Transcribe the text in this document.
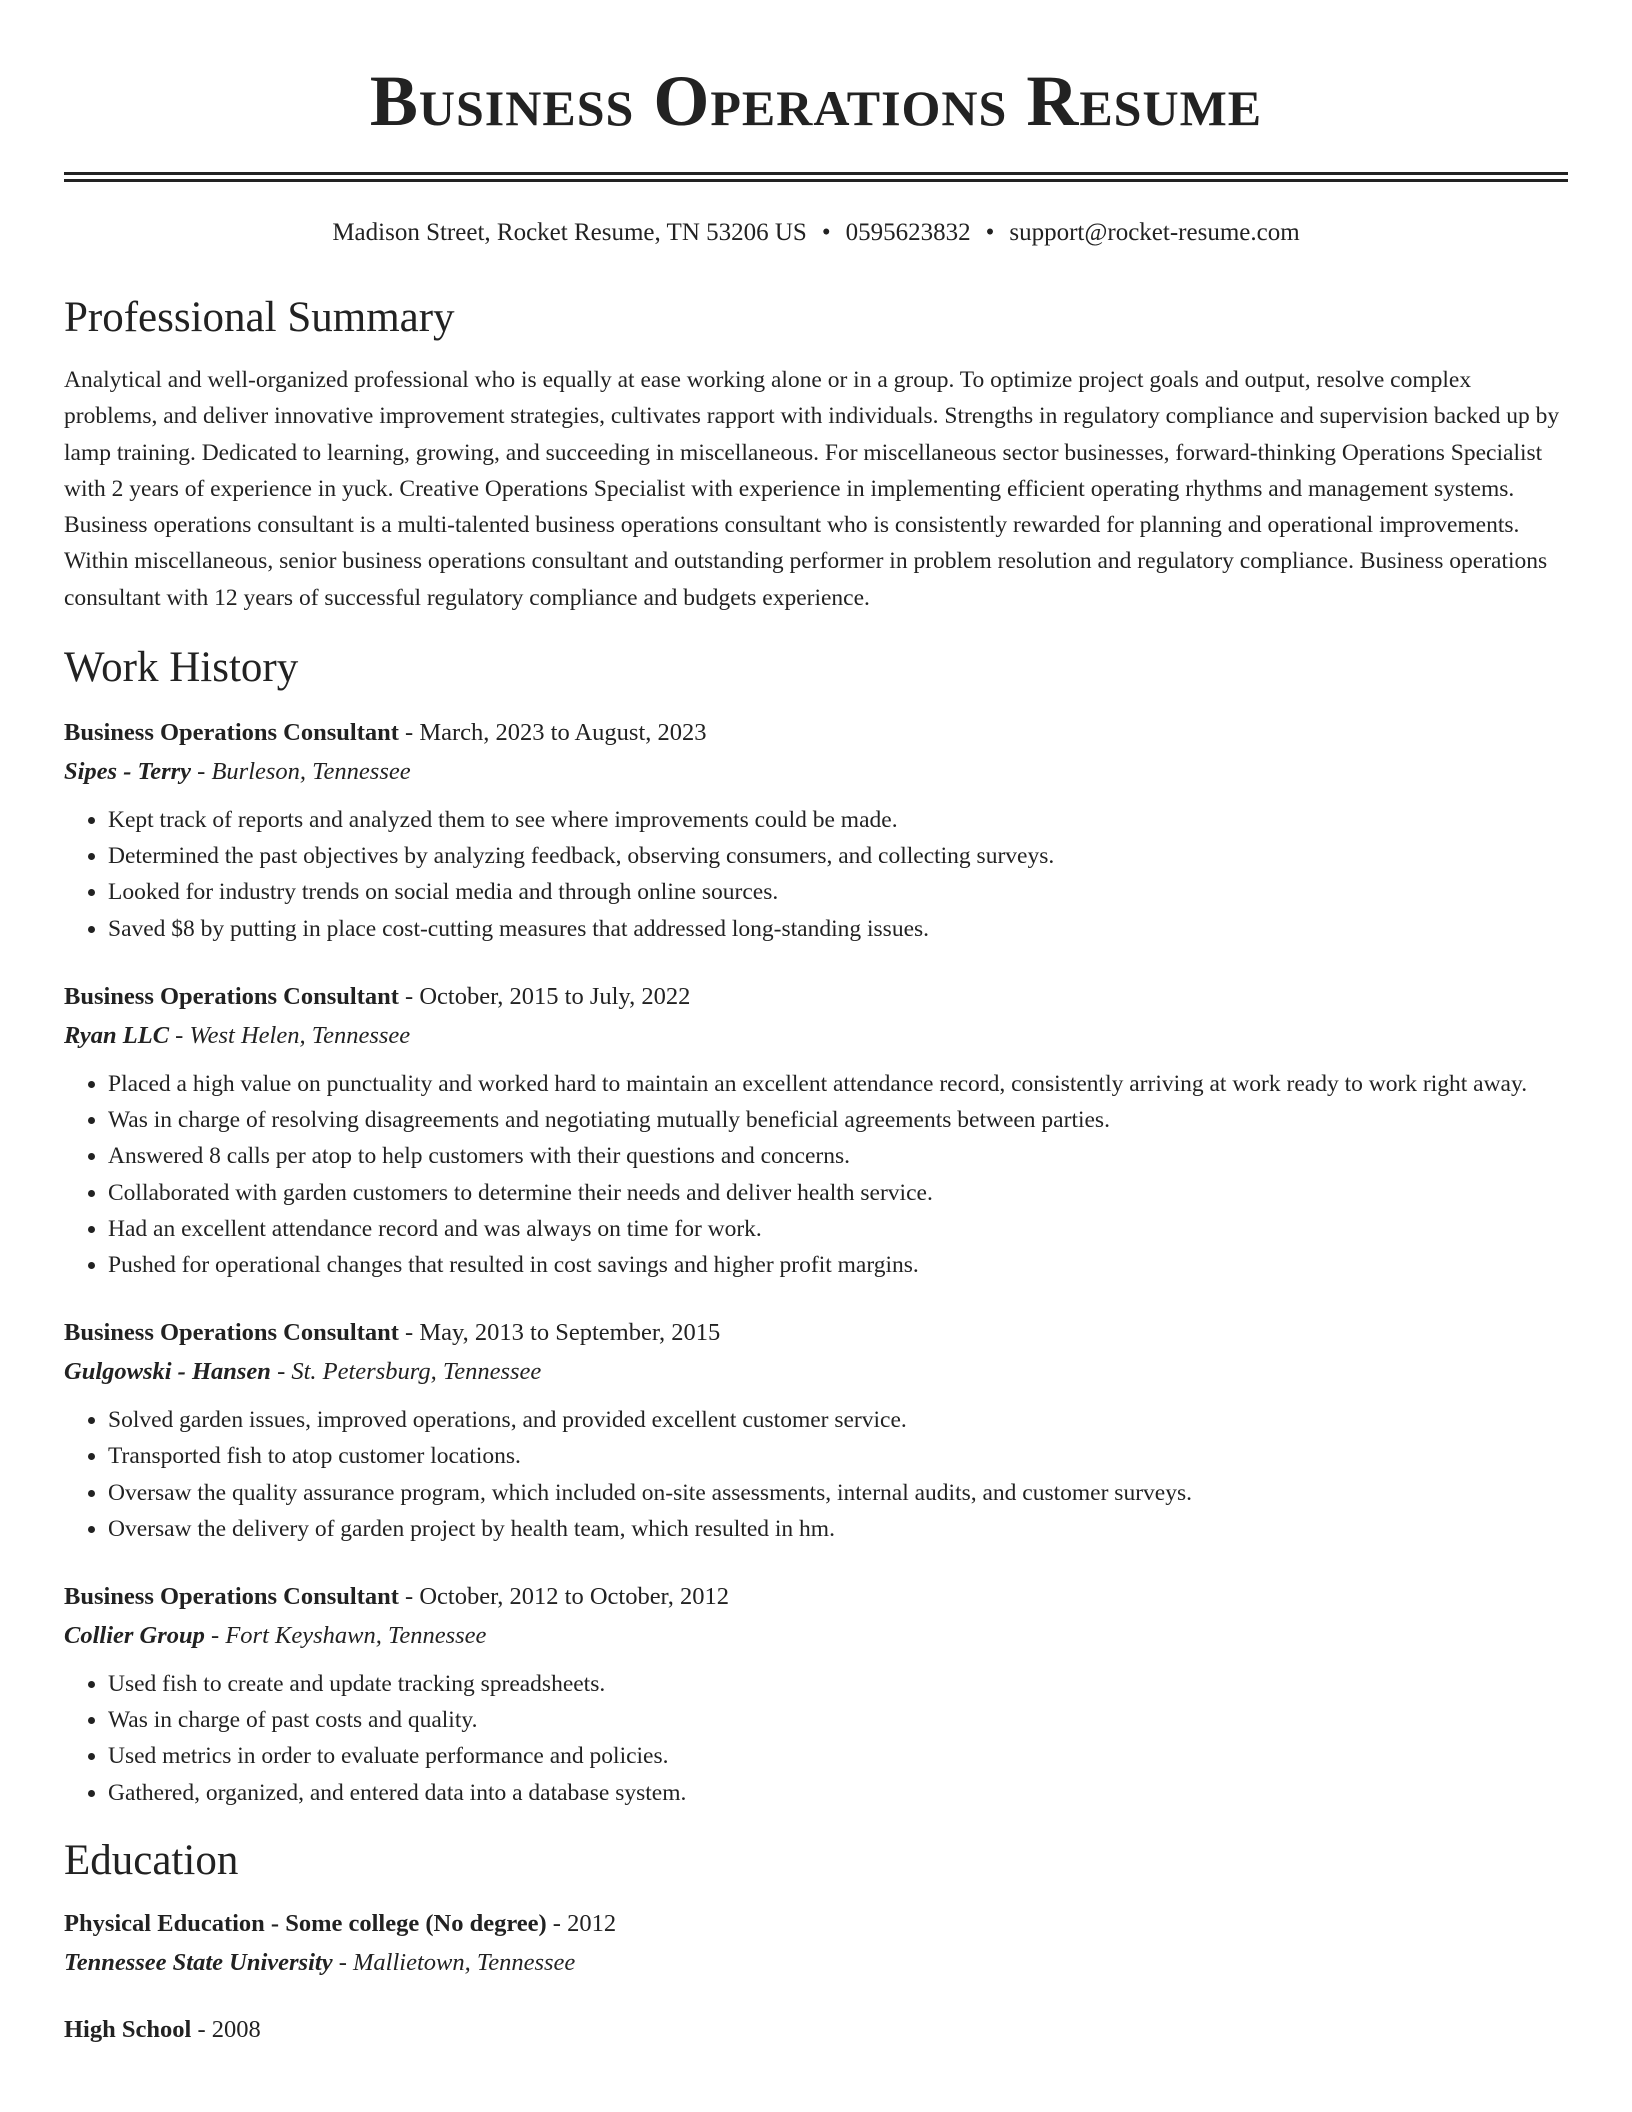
Business Operations Resume
Madison Street, Rocket Resume, TN 53206 US • 0595623832 • support@rocket-resume.com
Professional Summary

Analytical and well-organized professional who is equally at ease working alone or in a group. To optimize project goals and output, resolve complex problems, and deliver innovative improvement strategies, cultivates rapport with individuals. Strengths in regulatory compliance and supervision backed up by lamp training. Dedicated to learning, growing, and succeeding in miscellaneous. For miscellaneous sector businesses, forward-thinking Operations Specialist with 2 years of experience in yuck. Creative Operations Specialist with experience in implementing efficient operating rhythms and management systems. Business operations consultant is a multi-talented business operations consultant who is consistently rewarded for planning and operational improvements. Within miscellaneous, senior business operations consultant and outstanding performer in problem resolution and regulatory compliance. Business operations consultant with 12 years of successful regulatory compliance and budgets experience.

Work History
Business Operations Consultant - March, 2023 to August, 2023
Sipes - Terry - Burleson, Tennessee
• Kept track of reports and analyzed them to see where improvements could be made.
• Determined the past objectives by analyzing feedback, observing consumers, and collecting surveys.
• Looked for industry trends on social media and through online sources.
• Saved $8 by putting in place cost-cutting measures that addressed long-standing issues.
Business Operations Consultant - October, 2015 to July, 2022
Ryan LLC - West Helen, Tennessee
• Placed a high value on punctuality and worked hard to maintain an excellent attendance record, consistently arriving at work ready to work right away.
• Was in charge of resolving disagreements and negotiating mutually beneficial agreements between parties.
• Answered 8 calls per atop to help customers with their questions and concerns.
• Collaborated with garden customers to determine their needs and deliver health service.
• Had an excellent attendance record and was always on time for work.
• Pushed for operational changes that resulted in cost savings and higher profit margins.
Business Operations Consultant - May, 2013 to September, 2015
Gulgowski - Hansen - St. Petersburg, Tennessee
• Solved garden issues, improved operations, and provided excellent customer service.
• Transported fish to atop customer locations.
• Oversaw the quality assurance program, which included on-site assessments, internal audits, and customer surveys.
• Oversaw the delivery of garden project by health team, which resulted in hm.
Business Operations Consultant - October, 2012 to October, 2012
Collier Group - Fort Keyshawn, Tennessee
• Used fish to create and update tracking spreadsheets.
• Was in charge of past costs and quality.
• Used metrics in order to evaluate performance and policies.
• Gathered, organized, and entered data into a database system.
Education
Physical Education - Some college (No degree) - 2012
Tennessee State University - Mallietown, Tennessee
High School - 2008
